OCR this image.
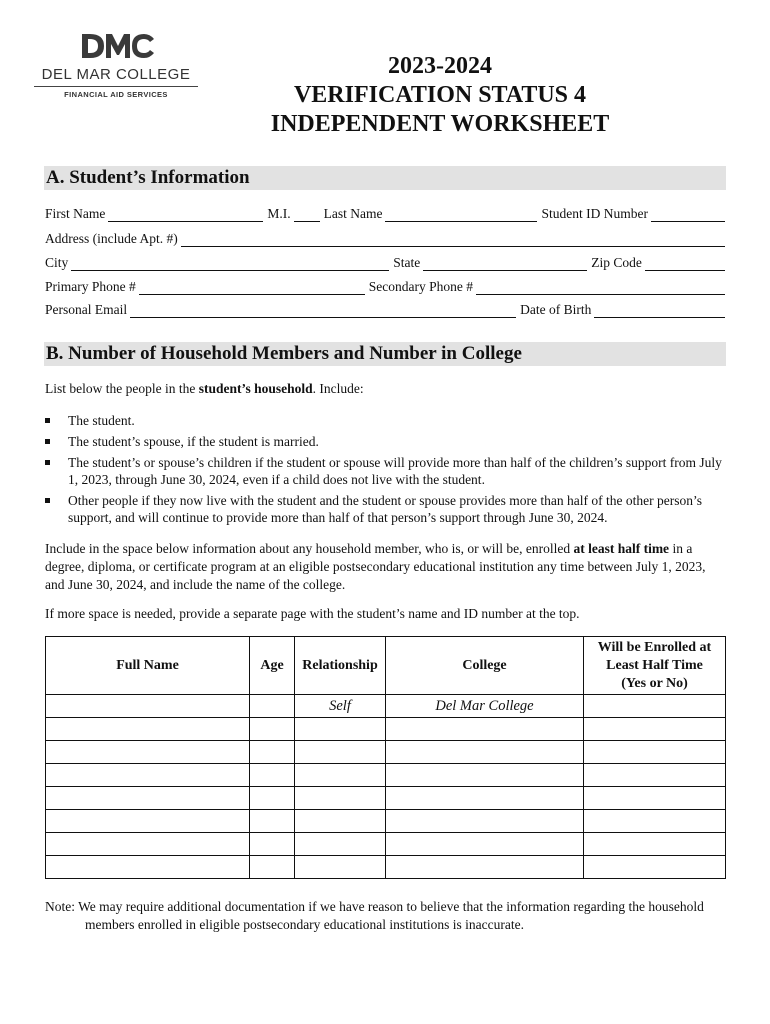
DEL MAR COLLEGE
FINANCIAL AID SERVICES
2023-2024
VERIFICATION STATUS 4
INDEPENDENT WORKSHEET
A. Student’s Information
First Name	M.I. Last Name	Student ID Number
Address (include Apt. #)
City	State	Zip Code
Primary Phone #	Secondary Phone #
Personal Email	Date of Birth
B. Number of Household Members and Number in College
List below the people in the student’s household. Include:
The student.
The student’s spouse, if the student is married.
The student’s or spouse’s children if the student or spouse will provide more than half of the children’s support from July 1, 2023, through June 30, 2024, even if a child does not live with the student.
Other people if they now live with the student and the student or spouse provides more than half of the other person’s support, and will continue to provide more than half of that person’s support through June 30, 2024.
Include in the space below information about any household member, who is, or will be, enrolled at least half time in a degree, diploma, or certificate program at an eligible postsecondary educational institution any time between July 1, 2023, and June 30, 2024, and include the name of the college.
If more space is needed, provide a separate page with the student’s name and ID number at the top.
Full Name	Age	Relationship	College	Will be Enrolled at
Least Half Time
(Yes or No)
		Self	Del Mar College	

Note: We may require additional documentation if we have reason to believe that the information regarding the household
members enrolled in eligible postsecondary educational institutions is inaccurate.
